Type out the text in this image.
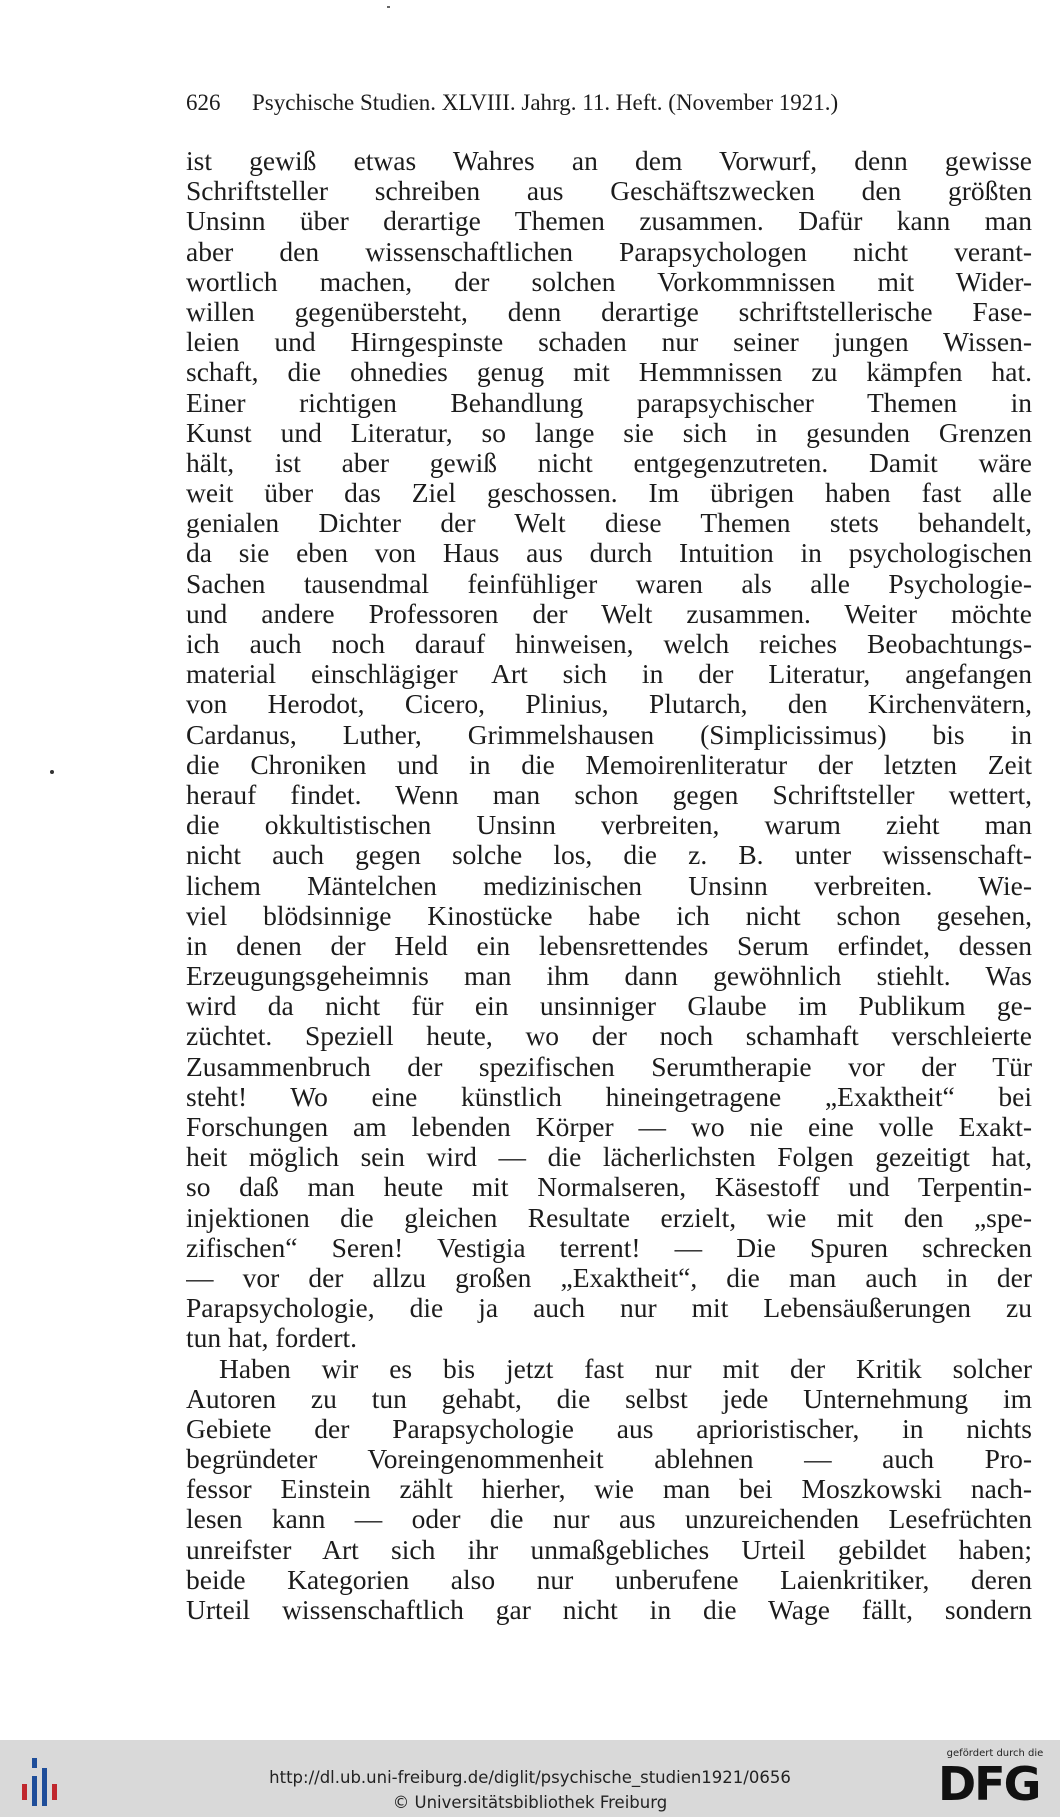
626 Psychische Studien. XLVIII. Jahrg. 11. Heft. (November 1921.)
ist gewiß etwas Wahres an dem Vorwurf, denn gewisse
Schriftsteller schreiben aus Geschäftszwecken den größten
Unsinn über derartige Themen zusammen. Dafür kann man
aber den wissenschaftlichen Parapsychologen nicht verant-
wortlich machen, der solchen Vorkommnissen mit Wider-
willen gegenübersteht, denn derartige schriftstellerische Fase-
leien und Hirngespinste schaden nur seiner jungen Wissen-
schaft, die ohnedies genug mit Hemmnissen zu kämpfen hat.
Einer richtigen Behandlung parapsychischer Themen in
Kunst und Literatur, so lange sie sich in gesunden Grenzen
hält, ist aber gewiß nicht entgegenzutreten. Damit wäre
weit über das Ziel geschossen. Im übrigen haben fast alle
genialen Dichter der Welt diese Themen stets behandelt,
da sie eben von Haus aus durch Intuition in psychologischen
Sachen tausendmal feinfühliger waren als alle Psychologie-
und andere Professoren der Welt zusammen. Weiter möchte
ich auch noch darauf hinweisen, welch reiches Beobachtungs-
material einschlägiger Art sich in der Literatur, angefangen
von Herodot, Cicero, Plinius, Plutarch, den Kirchenvätern,
Cardanus, Luther, Grimmelshausen (Simplicissimus) bis in
die Chroniken und in die Memoirenliteratur der letzten Zeit
herauf findet. Wenn man schon gegen Schriftsteller wettert,
die okkultistischen Unsinn verbreiten, warum zieht man
nicht auch gegen solche los, die z. B. unter wissenschaft-
lichem Mäntelchen medizinischen Unsinn verbreiten. Wie-
viel blödsinnige Kinostücke habe ich nicht schon gesehen,
in denen der Held ein lebensrettendes Serum erfindet, dessen
Erzeugungsgeheimnis man ihm dann gewöhnlich stiehlt. Was
wird da nicht für ein unsinniger Glaube im Publikum ge-
züchtet. Speziell heute, wo der noch schamhaft verschleierte
Zusammenbruch der spezifischen Serumtherapie vor der Tür
steht! Wo eine künstlich hineingetragene „Exaktheit“ bei
Forschungen am lebenden Körper — wo nie eine volle Exakt-
heit möglich sein wird — die lächerlichsten Folgen gezeitigt hat,
so daß man heute mit Normalseren, Käsestoff und Terpentin-
injektionen die gleichen Resultate erzielt, wie mit den „spe-
zifischen“ Seren! Vestigia terrent! — Die Spuren schrecken
— vor der allzu großen „Exaktheit“, die man auch in der
Parapsychologie, die ja auch nur mit Lebensäußerungen zu
tun hat, fordert.
Haben wir es bis jetzt fast nur mit der Kritik solcher
Autoren zu tun gehabt, die selbst jede Unternehmung im
Gebiete der Parapsychologie aus aprioristischer, in nichts
begründeter Voreingenommenheit ablehnen — auch Pro-
fessor Einstein zählt hierher, wie man bei Moszkowski nach-
lesen kann — oder die nur aus unzureichenden Lesefrüchten
unreifster Art sich ihr unmaßgebliches Urteil gebildet haben;
beide Kategorien also nur unberufene Laienkritiker, deren
Urteil wissenschaftlich gar nicht in die Wage fällt, sondern
http://dl.ub.uni-freiburg.de/diglit/psychische_studien1921/0656
© Universitätsbibliothek Freiburg
gefördert durch die
DFG
